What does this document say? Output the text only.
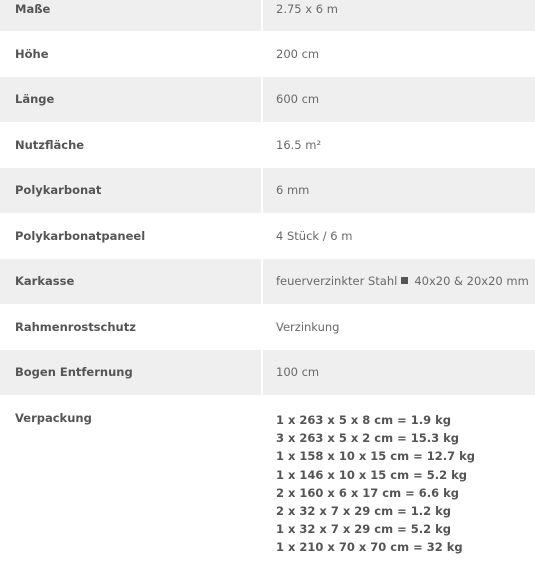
Maße	2.75 x 6 m
Höhe	200 cm
Länge	600 cm
Nutzfläche	16.5 m²
Polykarbonat	6 mm
Polykarbonatpaneel	4 Stück / 6 m
Karkasse	feuerverzinkter Stahl 40x20 & 20x20 mm
Rahmenrostschutz	Verzinkung
Bogen Entfernung	100 cm
Verpackung	1 x 263 x 5 x 8 cm = 1.9 kg
3 x 263 x 5 x 2 cm = 15.3 kg
1 x 158 x 10 x 15 cm = 12.7 kg
1 x 146 x 10 x 15 cm = 5.2 kg
2 x 160 x 6 x 17 cm = 6.6 kg
2 x 32 x 7 x 29 cm = 1.2 kg
1 x 32 x 7 x 29 cm = 5.2 kg
1 x 210 x 70 x 70 cm = 32 kg
